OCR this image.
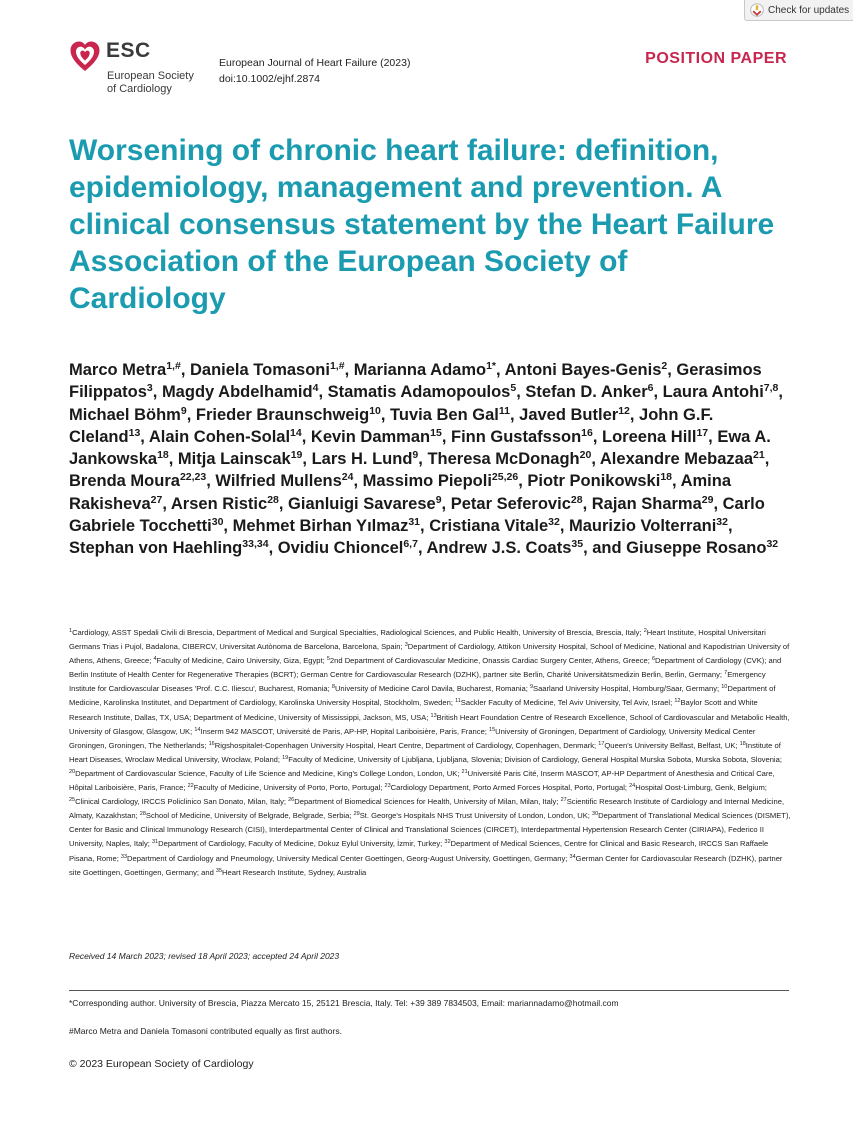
Check for updates
ESC
European Society
of Cardiology
European Journal of Heart Failure (2023)
doi:10.1002/ejhf.2874
POSITION PAPER
Worsening of chronic heart failure: definition, epidemiology, management and prevention. A clinical consensus statement by the Heart Failure Association of the European Society of Cardiology

Marco Metra$^{1,\#}$, Daniela Tomasoni$^{1,\#}$, Marianna Adamo$^{1*}$, Antoni Bayes-Genis$^2$, Gerasimos Filippatos$^3$, Magdy Abdelhamid$^4$, Stamatis Adamopoulos$^5$, Stefan D. Anker$^6$, Laura Antohi$^{7,8}$, Michael Böhm$^9$, Frieder Braunschweig$^{10}$, Tuvia Ben Gal$^{11}$, Javed Butler$^{12}$, John G.F. Cleland$^{13}$, Alain Cohen-Solal$^{14}$, Kevin Damman$^{15}$, Finn Gustafsson$^{16}$, Loreena Hill$^{17}$, Ewa A. Jankowska$^{18}$, Mitja Lainscak$^{19}$, Lars H. Lund$^9$, Theresa McDonagh$^{20}$, Alexandre Mebazaa$^{21}$, Brenda Moura$^{22,23}$, Wilfried Mullens$^{24}$, Massimo Piepoli$^{25,26}$, Piotr Ponikowski$^{18}$, Amina Rakisheva$^{27}$, Arsen Ristic$^{28}$, Gianluigi Savarese$^9$, Petar Seferovic$^{28}$, Rajan Sharma$^{29}$, Carlo Gabriele Tocchetti$^{30}$, Mehmet Birhan Yılmaz$^{31}$, Cristiana Vitale$^{32}$, Maurizio Volterrani$^{32}$, Stephan von Haehling$^{33,34}$, Ovidiu Chioncel$^{6,7}$, Andrew J.S. Coats$^{35}$, and Giuseppe Rosano$^{32}$

$^1$Cardiology, ASST Spedali Civili di Brescia, Department of Medical and Surgical Specialties, Radiological Sciences, and Public Health, University of Brescia, Brescia, Italy; $^2$Heart Institute, Hospital Universitari Germans Trias i Pujol, Badalona, CIBERCV, Universitat Autònoma de Barcelona, Barcelona, Spain; $^3$Department of Cardiology, Attikon University Hospital, School of Medicine, National and Kapodistrian University of Athens, Athens, Greece; $^4$Faculty of Medicine, Cairo University, Giza, Egypt; $^5$2nd Department of Cardiovascular Medicine, Onassis Cardiac Surgery Center, Athens, Greece; $^6$Department of Cardiology (CVK); and Berlin Institute of Health Center for Regenerative Therapies (BCRT); German Centre for Cardiovascular Research (DZHK), partner site Berlin, Charité Universitätsmedizin Berlin, Berlin, Germany; $^7$Emergency Institute for Cardiovascular Diseases 'Prof. C.C. Iliescu', Bucharest, Romania; $^8$University of Medicine Carol Davila, Bucharest, Romania; $^9$Saarland University Hospital, Homburg/Saar, Germany; $^{10}$Department of Medicine, Karolinska Institutet, and Department of Cardiology, Karolinska University Hospital, Stockholm, Sweden; $^{11}$Sackler Faculty of Medicine, Tel Aviv University, Tel Aviv, Israel; $^{12}$Baylor Scott and White Research Institute, Dallas, TX, USA; Department of Medicine, University of Mississippi, Jackson, MS, USA; $^{13}$British Heart Foundation Centre of Research Excellence, School of Cardiovascular and Metabolic Health, University of Glasgow, Glasgow, UK; $^{14}$Inserm 942 MASCOT, Université de Paris, AP-HP, Hopital Lariboisière, Paris, France; $^{15}$University of Groningen, Department of Cardiology, University Medical Center Groningen, Groningen, The Netherlands; $^{16}$Rigshospitalet-Copenhagen University Hospital, Heart Centre, Department of Cardiology, Copenhagen, Denmark; $^{17}$Queen's University Belfast, Belfast, UK; $^{18}$Institute of Heart Diseases, Wroclaw Medical University, Wrocław, Poland; $^{19}$Faculty of Medicine, University of Ljubljana, Ljubljana, Slovenia; Division of Cardiology, General Hospital Murska Sobota, Murska Sobota, Slovenia; $^{20}$Department of Cardiovascular Science, Faculty of Life Science and Medicine, King's College London, London, UK; $^{21}$Université Paris Cité, Inserm MASCOT, AP-HP Department of Anesthesia and Critical Care, Hôpital Lariboisière, Paris, France; $^{22}$Faculty of Medicine, University of Porto, Porto, Portugal; $^{23}$Cardiology Department, Porto Armed Forces Hospital, Porto, Portugal; $^{24}$Hospital Oost-Limburg, Genk, Belgium; $^{25}$Clinical Cardiology, IRCCS Policlinico San Donato, Milan, Italy; $^{26}$Department of Biomedical Sciences for Health, University of Milan, Milan, Italy; $^{27}$Scientific Research Institute of Cardiology and Internal Medicine, Almaty, Kazakhstan; $^{28}$School of Medicine, University of Belgrade, Belgrade, Serbia; $^{29}$St. George's Hospitals NHS Trust University of London, London, UK; $^{30}$Department of Translational Medical Sciences (DISMET), Center for Basic and Clinical Immunology Research (CISI), Interdepartmental Center of Clinical and Translational Sciences (CIRCET), Interdepartmental Hypertension Research Center (CIRIAPA), Federico II University, Naples, Italy; $^{31}$Department of Cardiology, Faculty of Medicine, Dokuz Eylul University, İzmir, Turkey; $^{32}$Department of Medical Sciences, Centre for Clinical and Basic Research, IRCCS San Raffaele Pisana, Rome; $^{33}$Department of Cardiology and Pneumology, University Medical Center Goettingen, Georg-August University, Goettingen, Germany; $^{34}$German Center for Cardiovascular Research (DZHK), partner site Goettingen, Goettingen, Germany; and $^{35}$Heart Research Institute, Sydney, Australia

Received 14 March 2023; revised 18 April 2023; accepted 24 April 2023
*Corresponding author. University of Brescia, Piazza Mercato 15, 25121 Brescia, Italy. Tel: +39 389 7834503, Email: mariannadamo@hotmail.com
#Marco Metra and Daniela Tomasoni contributed equally as first authors.
© 2023 European Society of Cardiology
